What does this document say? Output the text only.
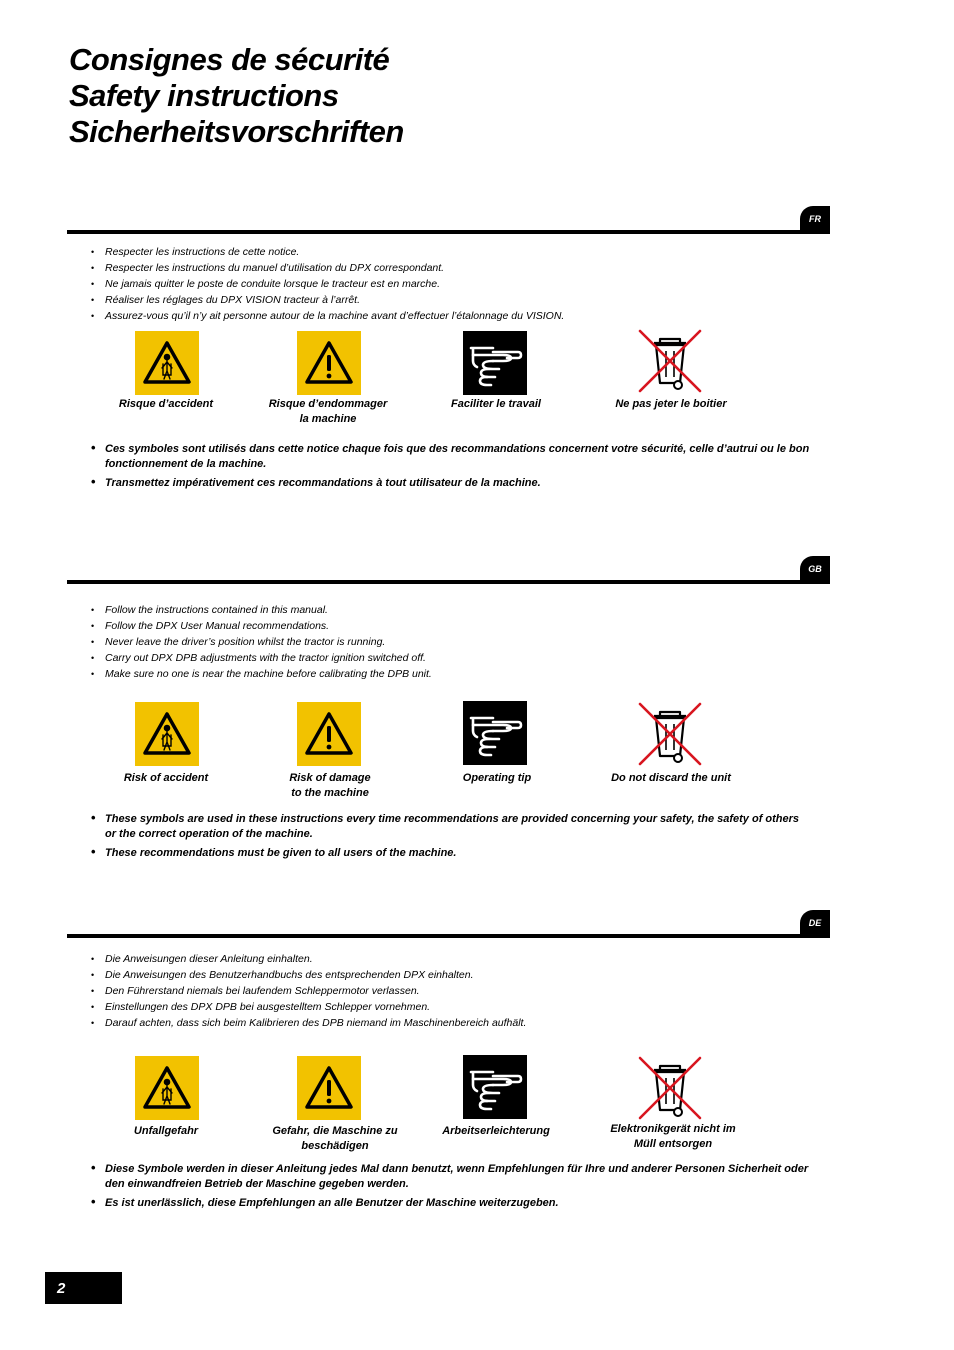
Consignes de sécurité
Safety instructions
Sicherheitsvorschriften
FR
• Respecter les instructions de cette notice.
• Respecter les instructions du manuel d’utilisation du DPX correspondant.
• Ne jamais quitter le poste de conduite lorsque le tracteur est en marche.
• Réaliser les réglages du DPX VISION tracteur à l’arrêt.
• Assurez-vous qu’il n’y ait personne autour de la machine avant d’effectuer l’étalonnage du VISION.
Risque d’accident	Risque d’endommager
la machine
Faciliter le travail	Ne pas jeter le boitier
• Ces symboles sont utilisés dans cette notice chaque fois que des recommandations concernent votre sécurité, celle d’autrui ou le bon fonctionnement de la machine.
• Transmettez impérativement ces recommandations à tout utilisateur de la machine.
GB
• Follow the instructions contained in this manual.
• Follow the DPX User Manual recommendations.
• Never leave the driver’s position whilst the tractor is running.
• Carry out DPX DPB adjustments with the tractor ignition switched off.
• Make sure no one is near the machine before calibrating the DPB unit.
Risk of accident	Risk of damage
to the machine
Operating tip	Do not discard the unit
• These symbols are used in these instructions every time recommendations are provided concerning your safety, the safety of others or the correct operation of the machine.
• These recommendations must be given to all users of the machine.
DE
• Die Anweisungen dieser Anleitung einhalten.
• Die Anweisungen des Benutzerhandbuchs des entsprechenden DPX einhalten.
• Den Führerstand niemals bei laufendem Schleppermotor verlassen.
• Einstellungen des DPX DPB bei ausgestelltem Schlepper vornehmen.
• Darauf achten, dass sich beim Kalibrieren des DPB niemand im Maschinenbereich aufhält.
Unfallgefahr	Gefahr, die Maschine zu
beschädigen
Arbeitserleichterung	Elektronikgerät nicht im
Müll entsorgen
• Diese Symbole werden in dieser Anleitung jedes Mal dann benutzt, wenn Empfehlungen für Ihre und anderer Personen Sicherheit oder den einwandfreien Betrieb der Maschine gegeben werden.
• Es ist unerlässlich, diese Empfehlungen an alle Benutzer der Maschine weiterzugeben.
2
